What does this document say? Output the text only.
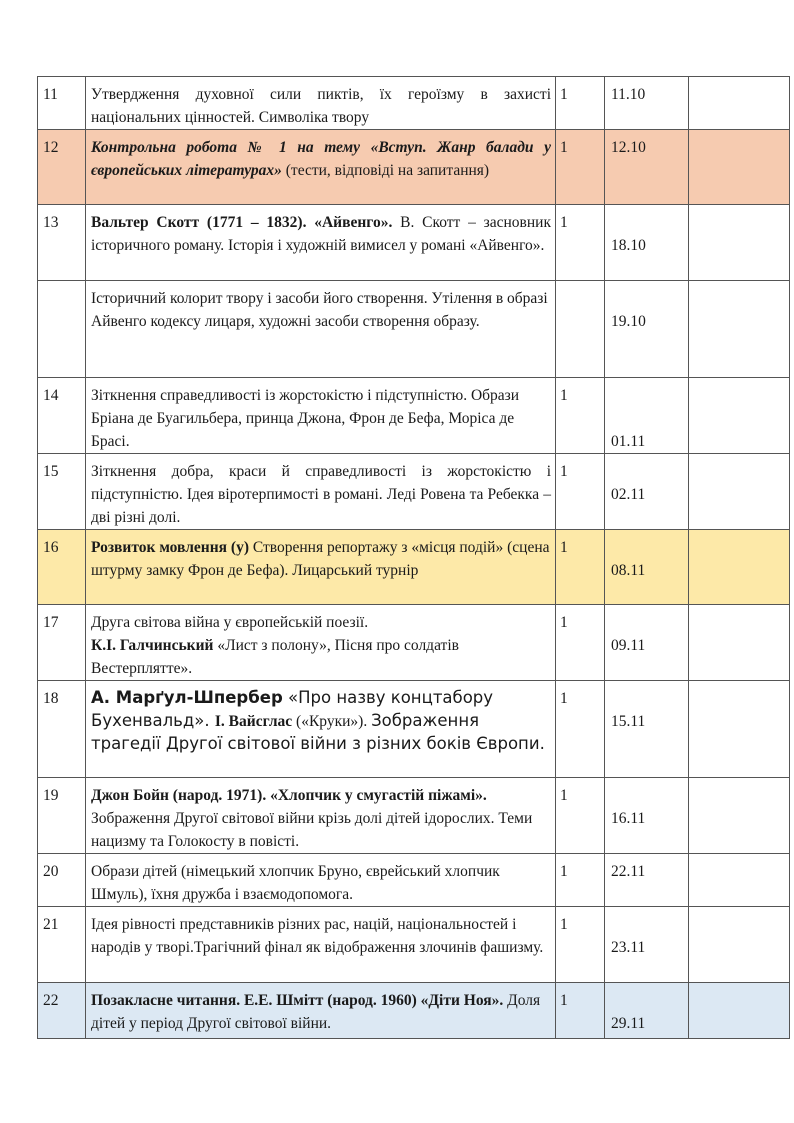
11	Утвердження духовної сили пиктів, їх героїзму в захисті національних цінностей. Символіка твору	1	11.10	
12	Контрольна робота № 1 на тему «Вступ. Жанр балади у європейських літературах» (тести, відповіді на запитання)	1	12.10	
13	Вальтер Скотт (1771 – 1832). «Айвенго». В. Скотт – засновник історичного роману. Історія і художній вимисел у романі «Айвенго».	1	18.10	

	Історичний колорит твору і засоби його створення. Утілення в образі Айвенго кодексу лицаря, художні засоби створення образу.		19.10	

14	Зіткнення справедливості із жорстокістю і підступністю. Образи Бріана де Буагильбера, принца Джона, Фрон де Бефа, Моріса де Брасі.	1	01.11	

15	Зіткнення добра, краси й справедливості із жорстокістю і підступністю. Ідея віротерпимості в романі. Леді Ровена та Ребекка – дві різні долі.	1	02.11	

16	Розвиток мовлення (у) Створення репортажу з «місця подій» (сцена штурму замку Фрон де Бефа). Лицарський турнір	1	08.11	

17	Друга світова війна у європейській поезії.
К.І. Галчинський «Лист з полону», Пісня про солдатів Вестерплятте».	1	09.11	

18	А. Марґул-Шпербер «Про назву концтабору Бухенвальд». І. Вайсглас («Круки»). Зображення трагедії Другої світової війни з різних боків Європи.	1	15.11	

19	Джон Бойн (народ. 1971). «Хлопчик у смугастій піжамі». Зображення Другої світової війни крізь долі дітей ідорослих. Теми нацизму та Голокосту в повісті.	1	16.11	

20	Образи дітей (німецький хлопчик Бруно, єврейський хлопчик Шмуль), їхня дружба і взаємодопомога.	1	22.11	
21	Ідея рівності представників різних рас, націй, національностей і народів у творі.Трагічний фінал як відображення злочинів фашизму.	1	23.11	

22	Позакласне читання. Е.Е. Шмітт (народ. 1960) «Діти Ноя». Доля дітей у період Другої світової війни.	1	29.11	
